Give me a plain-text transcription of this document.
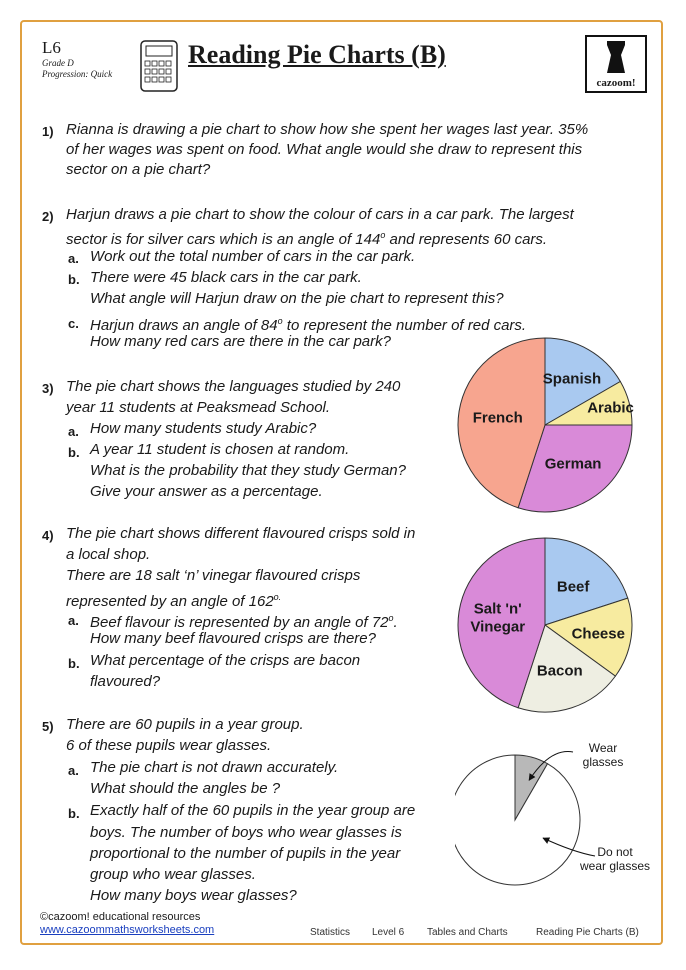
L6
Grade D
Progression: Quick
Reading Pie Charts (B)
cazoom!
1) Rianna is drawing a pie chart to show how she spent her wages last year. 35%
of her wages was spent on food. What angle would she draw to represent this
sector on a pie chart?
2) Harjun draws a pie chart to show the colour of cars in a car park. The largest
sector is for silver cars which is an angle of 144$^o$ and represents 60 cars.
a. Work out the total number of cars in the car park.
b. There were 45 black cars in the car park.
What angle will Harjun draw on the pie chart to represent this?
c. Harjun draws an angle of 84$^o$ to represent the number of red cars.
How many red cars are there in the car park?
3) The pie chart shows the languages studied by 240
year 11 students at Peaksmead School.
a. How many students study Arabic?
b. A year 11 student is chosen at random.
What is the probability that they study German?
Give your answer as a percentage.
4) The pie chart shows different flavoured crisps sold in
a local shop.
There are 18 salt ‘n’ vinegar flavoured crisps
represented by an angle of $162^{o.}$
a. Beef flavour is represented by an angle of 72$^o$.
How many beef flavoured crisps are there?
b. What percentage of the crisps are bacon
flavoured?
5) There are 60 pupils in a year group.
6 of these pupils wear glasses.
a. The pie chart is not drawn accurately.
What should the angles be ?
b. Exactly half of the 60 pupils in the year group are
boys. The number of boys who wear glasses is
proportional to the number of pupils in the year
group who wear glasses.
How many boys wear glasses?
Spanish
Arabic
German
French
Beef
Cheese
Bacon
Salt 'n'
Vinegar
Wear
glasses
Do not
wear glasses
©cazoom! educational resources
www.cazoommathsworksheets.com	Statistics Level 6 Tables and Charts	Reading Pie Charts (B)
